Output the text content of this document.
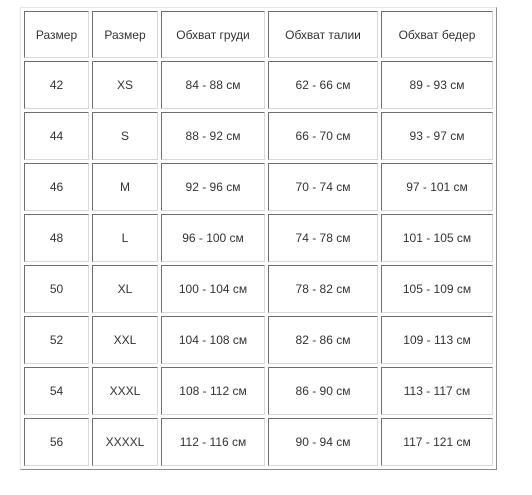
Размер	Размер	Обхват груди	Обхват талии	Обхват бедер
42	XS	84 - 88 см	62 - 66 см	89 - 93 см
44	S	88 - 92 см	66 - 70 см	93 - 97 см
46	M	92 - 96 см	70 - 74 см	97 - 101 см
48	L	96 - 100 см	74 - 78 см	101 - 105 см
50	XL	100 - 104 см	78 - 82 см	105 - 109 см
52	XXL	104 - 108 см	82 - 86 см	109 - 113 см
54	XXXL	108 - 112 см	86 - 90 см	113 - 117 см
56	XXXXL	112 - 116 см	90 - 94 см	117 - 121 см
